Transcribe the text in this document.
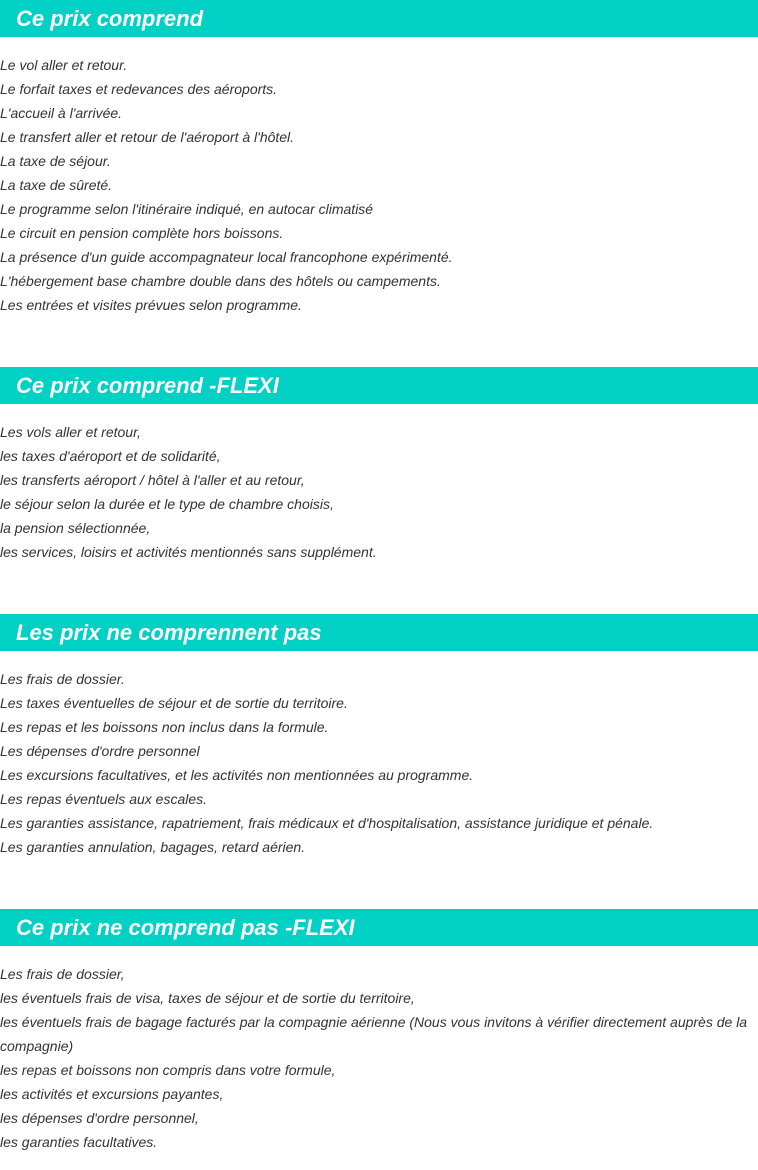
Ce prix comprend
Le vol aller et retour.
Le forfait taxes et redevances des aéroports.
L'accueil à l'arrivée.
Le transfert aller et retour de l'aéroport à l'hôtel.
La taxe de séjour.
La taxe de sûreté.
Le programme selon l'itinéraire indiqué, en autocar climatisé
Le circuit en pension complète hors boissons.
La présence d'un guide accompagnateur local francophone expérimenté.
L'hébergement base chambre double dans des hôtels ou campements.
Les entrées et visites prévues selon programme.
Ce prix comprend -FLEXI
Les vols aller et retour,
les taxes d'aéroport et de solidarité,
les transferts aéroport / hôtel à l'aller et au retour,
le séjour selon la durée et le type de chambre choisis,
la pension sélectionnée,
les services, loisirs et activités mentionnés sans supplément.
Les prix ne comprennent pas
Les frais de dossier.
Les taxes éventuelles de séjour et de sortie du territoire.
Les repas et les boissons non inclus dans la formule.
Les dépenses d'ordre personnel
Les excursions facultatives, et les activités non mentionnées au programme.
Les repas éventuels aux escales.
Les garanties assistance, rapatriement, frais médicaux et d'hospitalisation, assistance juridique et pénale.
Les garanties annulation, bagages, retard aérien.
Ce prix ne comprend pas -FLEXI
Les frais de dossier,
les éventuels frais de visa, taxes de séjour et de sortie du territoire,
les éventuels frais de bagage facturés par la compagnie aérienne (Nous vous invitons à vérifier directement auprès de la compagnie)
les repas et boissons non compris dans votre formule,
les activités et excursions payantes,
les dépenses d'ordre personnel,
les garanties facultatives.
